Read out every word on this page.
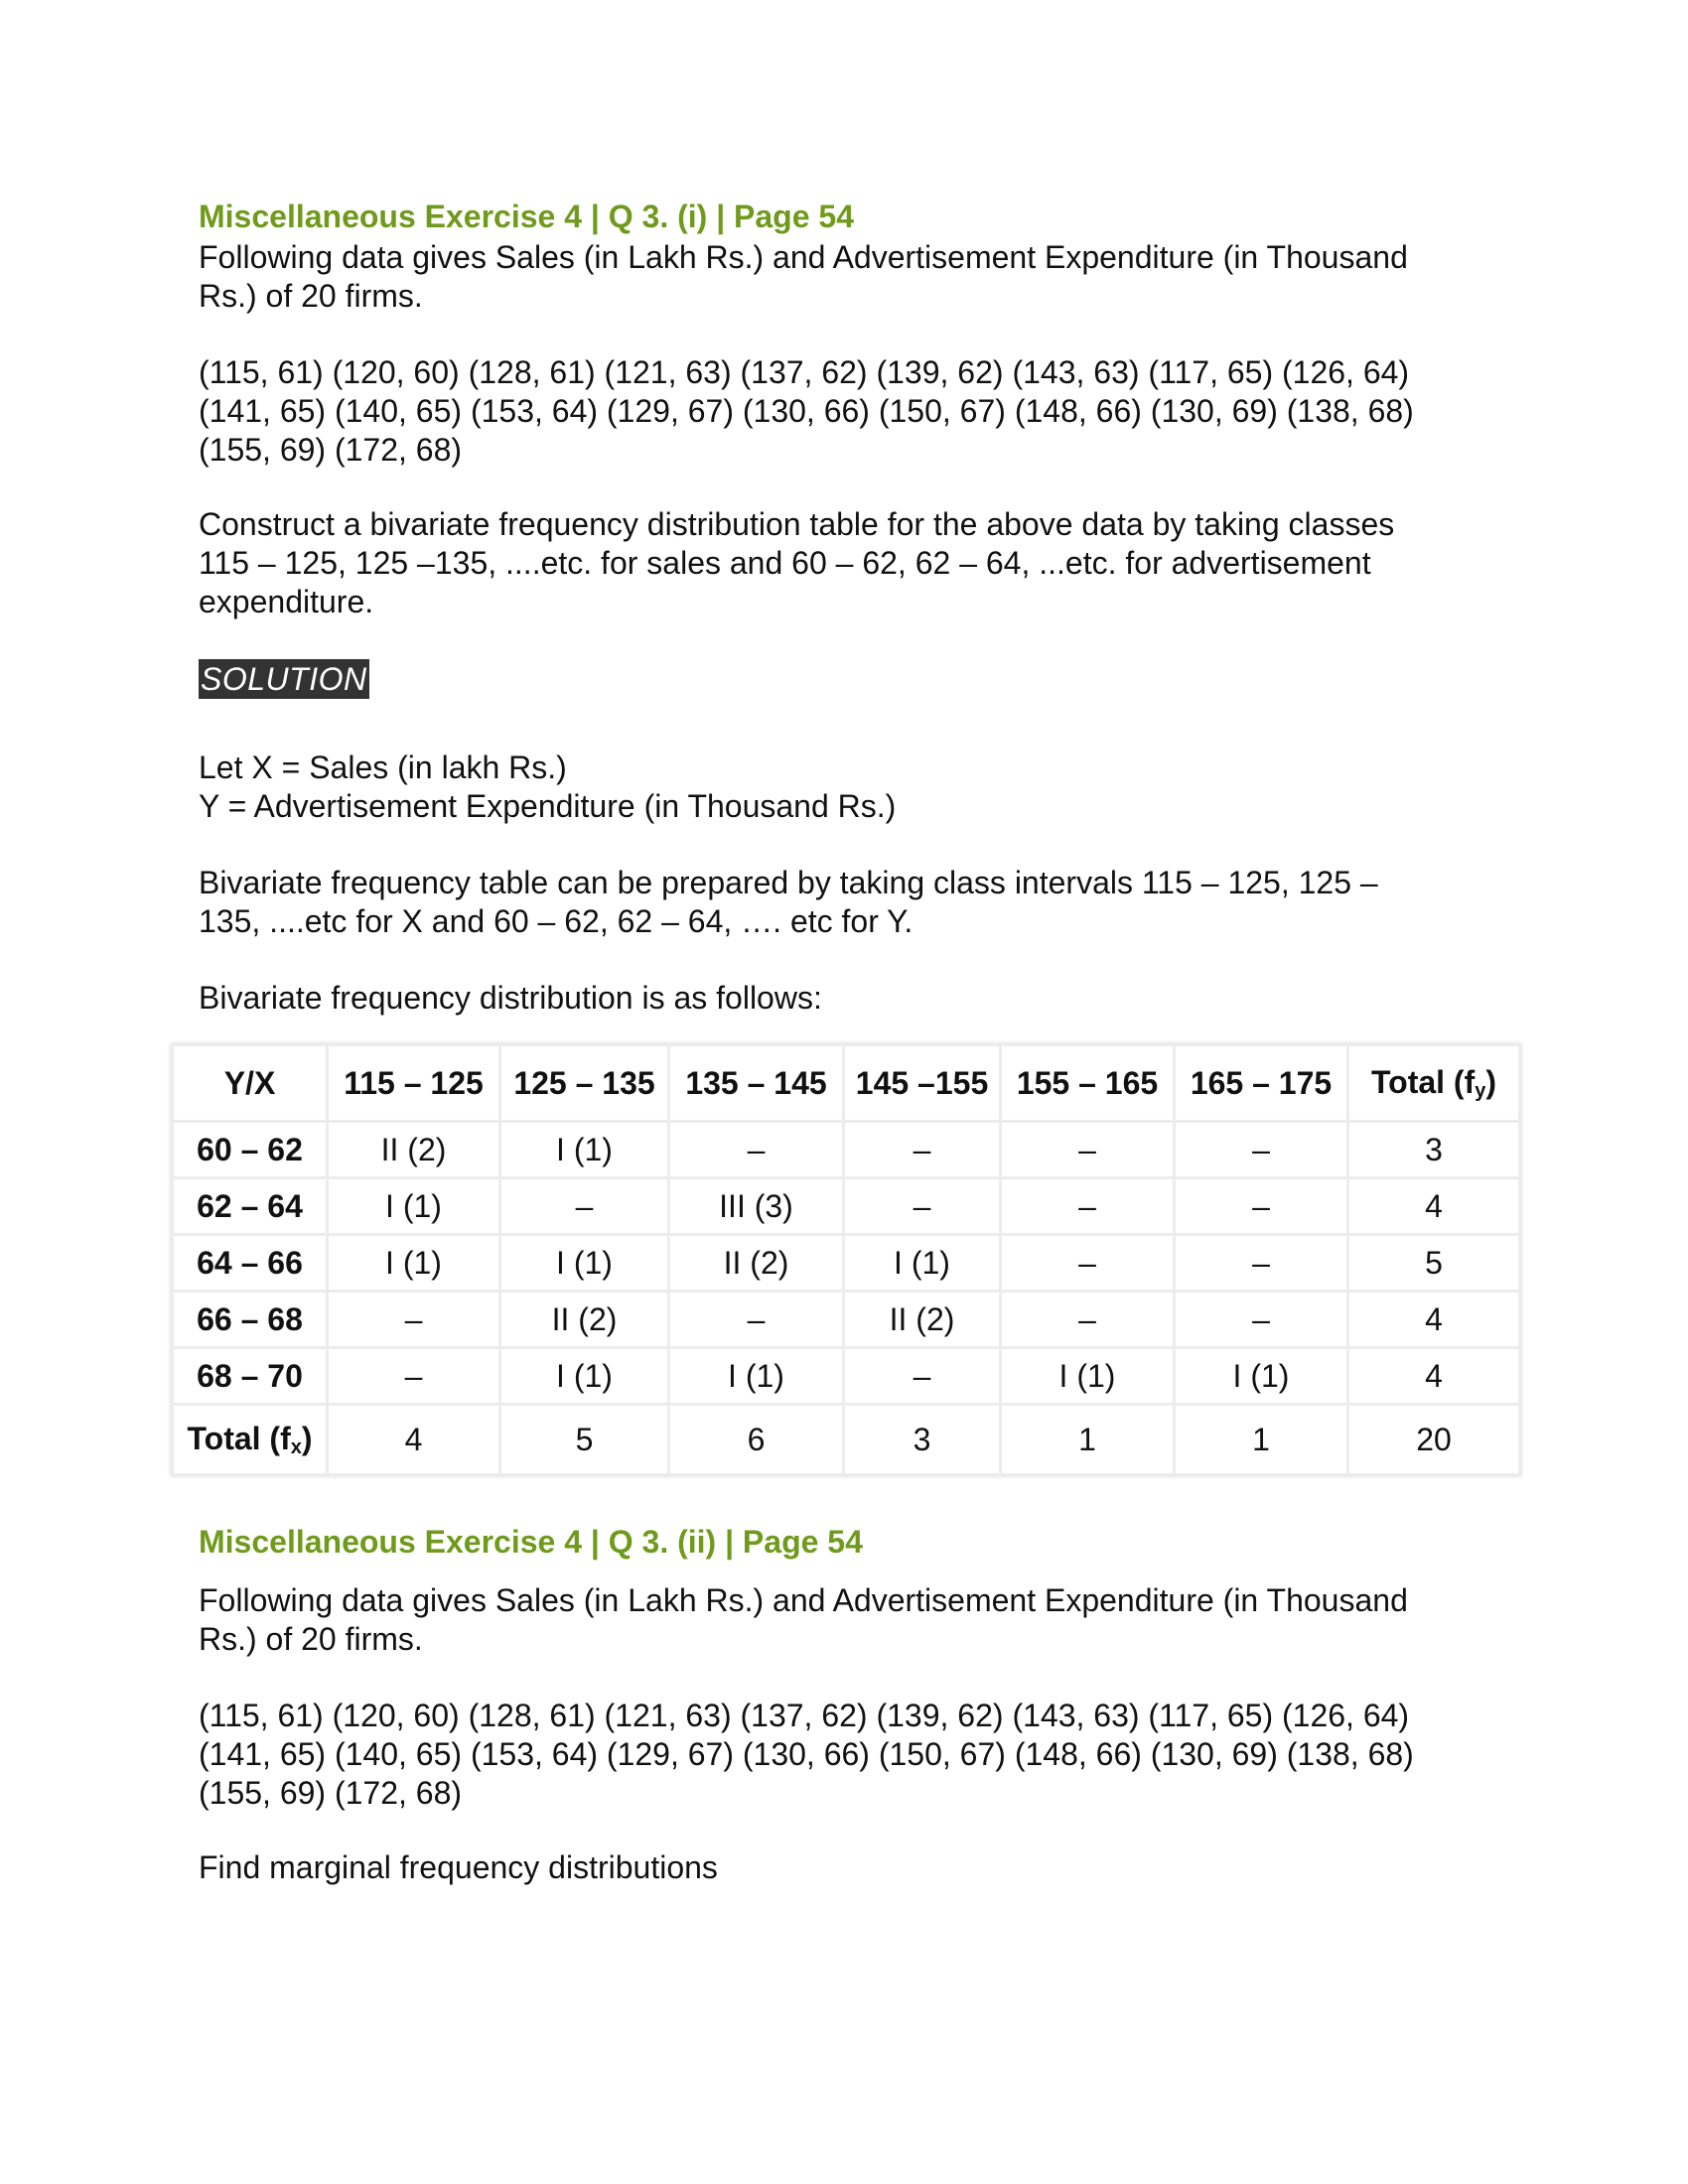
Miscellaneous Exercise 4 | Q 3. (i) | Page 54

Following data gives Sales (in Lakh Rs.) and Advertisement Expenditure (in Thousand
Rs.) of 20 firms.

(115, 61) (120, 60) (128, 61) (121, 63) (137, 62) (139, 62) (143, 63) (117, 65) (126, 64)
(141, 65) (140, 65) (153, 64) (129, 67) (130, 66) (150, 67) (148, 66) (130, 69) (138, 68)
(155, 69) (172, 68)

Construct a bivariate frequency distribution table for the above data by taking classes
115 – 125, 125 –135, ....etc. for sales and 60 – 62, 62 – 64, ...etc. for advertisement
expenditure.

SOLUTION

Let X = Sales (in lakh Rs.)

Y = Advertisement Expenditure (in Thousand Rs.)

Bivariate frequency table can be prepared by taking class intervals 115 – 125, 125 –
135, ....etc for X and 60 – 62, 62 – 64, …. etc for Y.

Bivariate frequency distribution is as follows:

Y/X	115 – 125	125 – 135	135 – 145	145 –155	155 – 165	165 – 175	Total $(f_y)$
60 – 62	II (2)	I (1)	–	–	–	–	3
62 – 64	I (1)	–	III (3)	–	–	–	4
64 – 66	I (1)	I (1)	II (2)	I (1)	–	–	5
66 – 68	–	II (2)	–	II (2)	–	–	4
68 – 70	–	I (1)	I (1)	–	I (1)	I (1)	4
Total $(f_x)$	4	5	6	3	1	1	20
Miscellaneous Exercise 4 | Q 3. (ii) | Page 54

Following data gives Sales (in Lakh Rs.) and Advertisement Expenditure (in Thousand
Rs.) of 20 firms.

(115, 61) (120, 60) (128, 61) (121, 63) (137, 62) (139, 62) (143, 63) (117, 65) (126, 64)
(141, 65) (140, 65) (153, 64) (129, 67) (130, 66) (150, 67) (148, 66) (130, 69) (138, 68)
(155, 69) (172, 68)

Find marginal frequency distributions
